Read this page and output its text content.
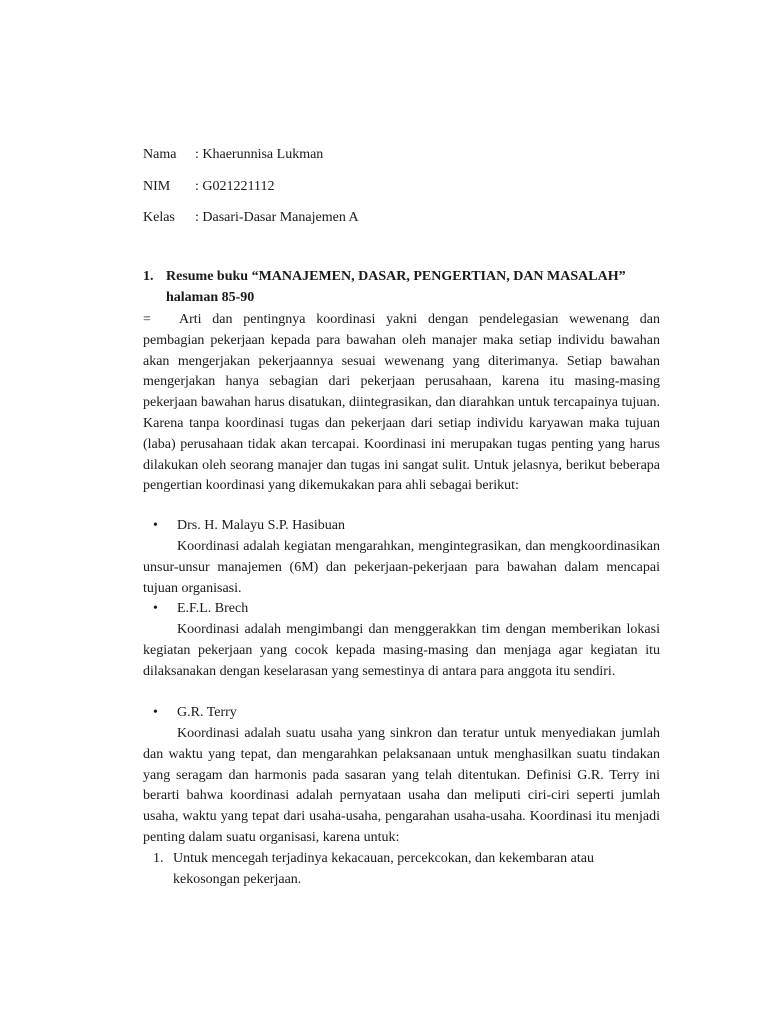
Nama : Khaerunnisa Lukman
NIM : G021221112
Kelas : Dasari-Dasar Manajemen A
1. Resume buku “MANAJEMEN, DASAR, PENGERTIAN, DAN MASALAH” halaman 85-90
= Arti dan pentingnya koordinasi yakni dengan pendelegasian wewenang dan pembagian pekerjaan kepada para bawahan oleh manajer maka setiap individu bawahan akan mengerjakan pekerjaannya sesuai wewenang yang diterimanya. Setiap bawahan mengerjakan hanya sebagian dari pekerjaan perusahaan, karena itu masing-masing pekerjaan bawahan harus disatukan, diintegrasikan, dan diarahkan untuk tercapainya tujuan. Karena tanpa koordinasi tugas dan pekerjaan dari setiap individu karyawan maka tujuan (laba) perusahaan tidak akan tercapai. Koordinasi ini merupakan tugas penting yang harus dilakukan oleh seorang manajer dan tugas ini sangat sulit. Untuk jelasnya, berikut beberapa pengertian koordinasi yang dikemukakan para ahli sebagai berikut:
• Drs. H. Malayu S.P. Hasibuan
Koordinasi adalah kegiatan mengarahkan, mengintegrasikan, dan mengkoordinasikan unsur-unsur manajemen (6M) dan pekerjaan-pekerjaan para bawahan dalam mencapai tujuan organisasi.
• E.F.L. Brech
Koordinasi adalah mengimbangi dan menggerakkan tim dengan memberikan lokasi kegiatan pekerjaan yang cocok kepada masing-masing dan menjaga agar kegiatan itu dilaksanakan dengan keselarasan yang semestinya di antara para anggota itu sendiri.
• G.R. Terry
Koordinasi adalah suatu usaha yang sinkron dan teratur untuk menyediakan jumlah dan waktu yang tepat, dan mengarahkan pelaksanaan untuk menghasilkan suatu tindakan yang seragam dan harmonis pada sasaran yang telah ditentukan. Definisi G.R. Terry ini berarti bahwa koordinasi adalah pernyataan usaha dan meliputi ciri-ciri seperti jumlah usaha, waktu yang tepat dari usaha-usaha, pengarahan usaha-usaha. Koordinasi itu menjadi penting dalam suatu organisasi, karena untuk:
1. Untuk mencegah terjadinya kekacauan, percekcokan, dan kekembaran atau
kekosongan pekerjaan.
